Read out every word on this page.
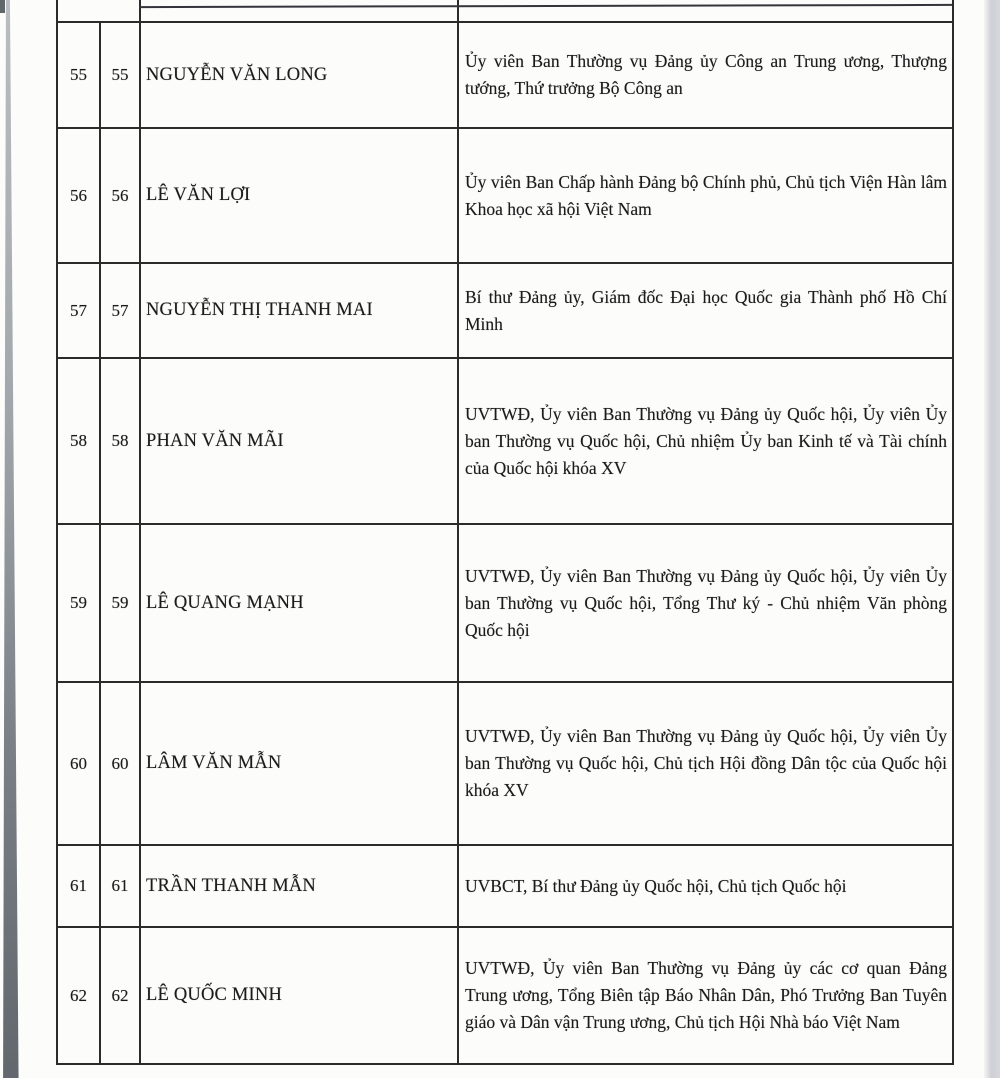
55	55	NGUYỄN VĂN LONG	Ủy viên Ban Thường vụ Đảng ủy Công an Trung ương, Thượng tướng, Thứ trưởng Bộ Công an
56	56	LÊ VĂN LỢI	Ủy viên Ban Chấp hành Đảng bộ Chính phủ, Chủ tịch Viện Hàn lâm Khoa học xã hội Việt Nam
57	57	NGUYỄN THỊ THANH MAI	Bí thư Đảng ủy, Giám đốc Đại học Quốc gia Thành phố Hồ Chí Minh
58	58	PHAN VĂN MÃI	UVTWĐ, Ủy viên Ban Thường vụ Đảng ủy Quốc hội, Ủy viên Ủy ban Thường vụ Quốc hội, Chủ nhiệm Ủy ban Kinh tế và Tài chính của Quốc hội khóa XV
59	59	LÊ QUANG MẠNH	UVTWĐ, Ủy viên Ban Thường vụ Đảng ủy Quốc hội, Ủy viên Ủy ban Thường vụ Quốc hội, Tổng Thư ký - Chủ nhiệm Văn phòng Quốc hội
60	60	LÂM VĂN MẪN	UVTWĐ, Ủy viên Ban Thường vụ Đảng ủy Quốc hội, Ủy viên Ủy ban Thường vụ Quốc hội, Chủ tịch Hội đồng Dân tộc của Quốc hội khóa XV
61	61	TRẦN THANH MẪN	UVBCT, Bí thư Đảng ủy Quốc hội, Chủ tịch Quốc hội
62	62	LÊ QUỐC MINH	UVTWĐ, Ủy viên Ban Thường vụ Đảng ủy các cơ quan Đảng Trung ương, Tổng Biên tập Báo Nhân Dân, Phó Trưởng Ban Tuyên giáo và Dân vận Trung ương, Chủ tịch Hội Nhà báo Việt Nam
